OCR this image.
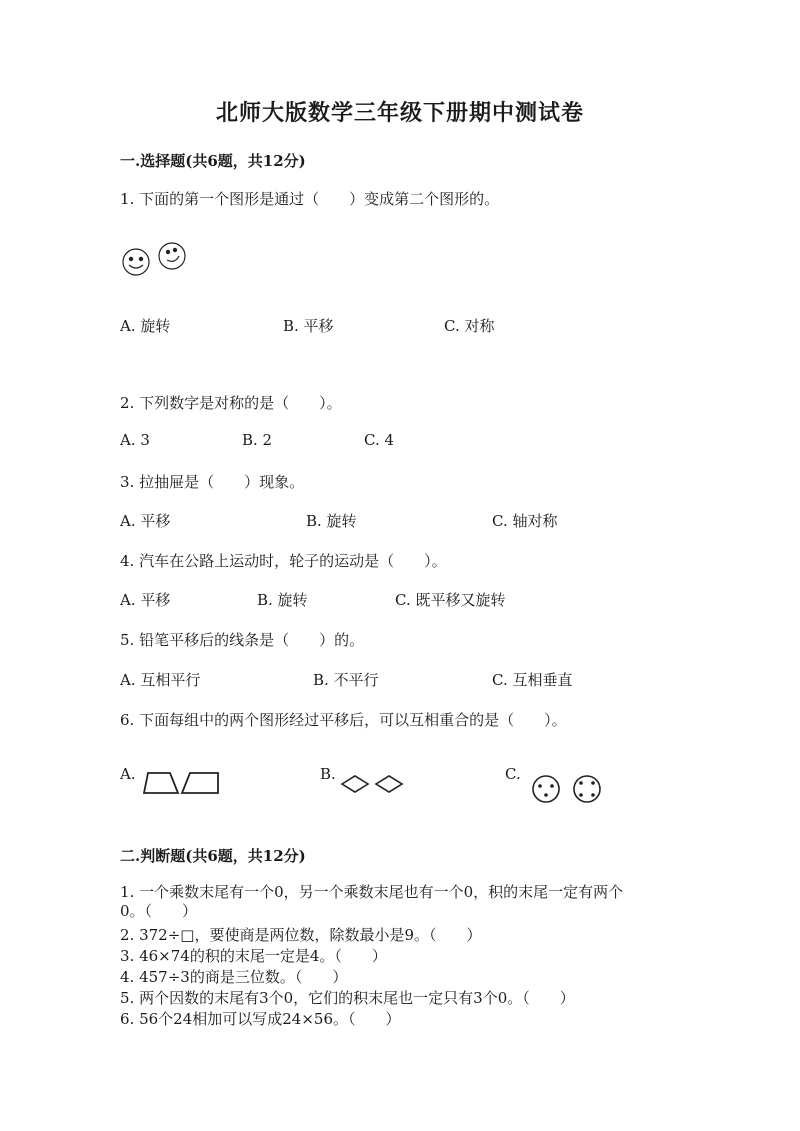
北师大版数学三年级下册期中测试卷
一.选择题(共6题，共12分)
1. 下面的第一个图形是通过（　　）变成第二个图形的。
A. 旋转	B. 平移	C. 对称
2. 下列数字是对称的是（　　）。
A. 3	B. 2	C. 4
3. 拉抽屉是（　　）现象。
A. 平移	B. 旋转	C. 轴对称
4. 汽车在公路上运动时，轮子的运动是（　　）。
A. 平移	B. 旋转	C. 既平移又旋转
5. 铅笔平移后的线条是（　　）的。
A. 互相平行	B. 不平行	C. 互相垂直
6. 下面每组中的两个图形经过平移后，可以互相重合的是（　　）。
A.	B.	C.
二.判断题(共6题，共12分)
1. 一个乘数末尾有一个0，另一个乘数末尾也有一个0，积的末尾一定有两个
0。（　　）
2. 372÷□，要使商是两位数，除数最小是9。（　　）
3. 46×74的积的末尾一定是4。（　　）
4. 457÷3的商是三位数。（　　）
5. 两个因数的末尾有3个0，它们的积末尾也一定只有3个0。（　　）
6. 56个24相加可以写成24×56。（　　）
